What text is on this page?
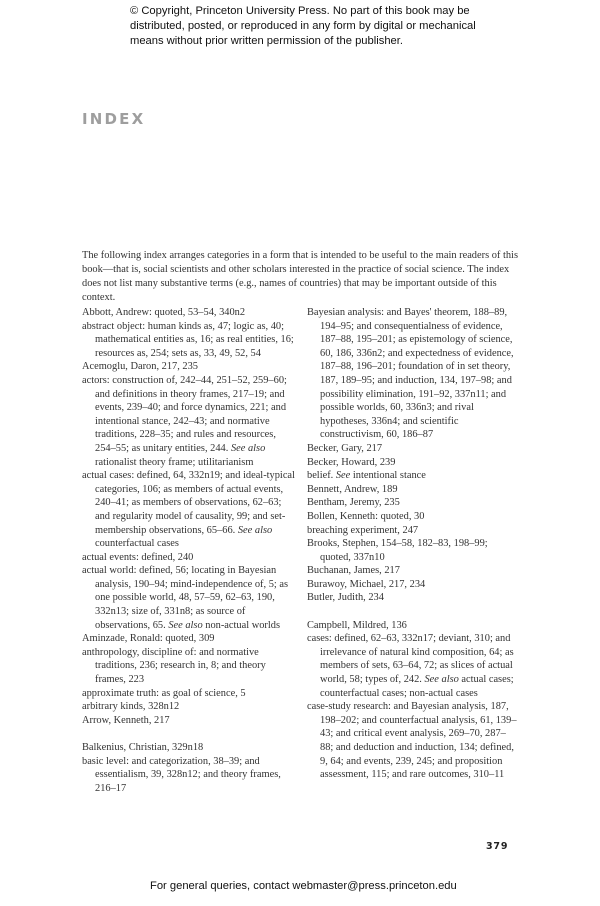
© Copyright, Princeton University Press. No part of this book may be
distributed, posted, or reproduced in any form by digital or mechanical
means without prior written permission of the publisher.
INDEX

The following index arranges categories in a form that is intended to be useful to the main readers of this book—that is, social scientists and other scholars interested in the practice of social science. The index does not list many substantive terms (e.g., names of countries) that may be important outside of this context.

Abbott, Andrew: quoted, 53–54, 340n2

abstract object: human kinds as, 47; logic as, 40; mathematical entities as, 16; as real entities, 16; resources as, 254; sets as, 33, 49, 52, 54

Acemoglu, Daron, 217, 235

actors: construction of, 242–44, 251–52, 259–60; and definitions in theory frames, 217–19; and events, 239–40; and force dynamics, 221; and intentional stance, 242–43; and normative traditions, 228–35; and rules and resources, 254–55; as unitary entities, 244. See also rationalist theory frame; utilitarianism

actual cases: defined, 64, 332n19; and ideal-typical categories, 106; as members of actual events, 240–41; as members of observations, 62–63; and regularity model of causality, 99; and set-membership observations, 65–66. See also counterfactual cases

actual events: defined, 240

actual world: defined, 56; locating in Bayesian analysis, 190–94; mind-independence of, 5; as one possible world, 48, 57–59, 62–63, 190, 332n13; size of, 331n8; as source of observations, 65. See also non-actual worlds

Aminzade, Ronald: quoted, 309

anthropology, discipline of: and normative traditions, 236; research in, 8; and theory frames, 223

approximate truth: as goal of science, 5

arbitrary kinds, 328n12

Arrow, Kenneth, 217

Balkenius, Christian, 329n18

basic level: and categorization, 38–39; and essentialism, 39, 328n12; and theory frames, 216–17

Bayesian analysis: and Bayes' theorem, 188–89, 194–95; and consequentialness of evidence, 187–88, 195–201; as epistemology of science, 60, 186, 336n2; and expectedness of evidence, 187–88, 196–201; foundation of in set theory, 187, 189–95; and induction, 134, 197–98; and possibility elimination, 191–92, 337n11; and possible worlds, 60, 336n3; and rival hypotheses, 336n4; and scientific constructivism, 60, 186–87

Becker, Gary, 217

Becker, Howard, 239

belief. See intentional stance

Bennett, Andrew, 189

Bentham, Jeremy, 235

Bollen, Kenneth: quoted, 30

breaching experiment, 247

Brooks, Stephen, 154–58, 182–83, 198–99; quoted, 337n10

Buchanan, James, 217

Burawoy, Michael, 217, 234

Butler, Judith, 234

Campbell, Mildred, 136

cases: defined, 62–63, 332n17; deviant, 310; and irrelevance of natural kind composition, 64; as members of sets, 63–64, 72; as slices of actual world, 58; types of, 242. See also actual cases; counterfactual cases; non-actual cases

case-study research: and Bayesian analysis, 187, 198–202; and counterfactual analysis, 61, 139–43; and critical event analysis, 269–70, 287–88; and deduction and induction, 134; defined, 9, 64; and events, 239, 245; and proposition assessment, 115; and rare outcomes, 310–11

379
For general queries, contact webmaster@press.princeton.edu
